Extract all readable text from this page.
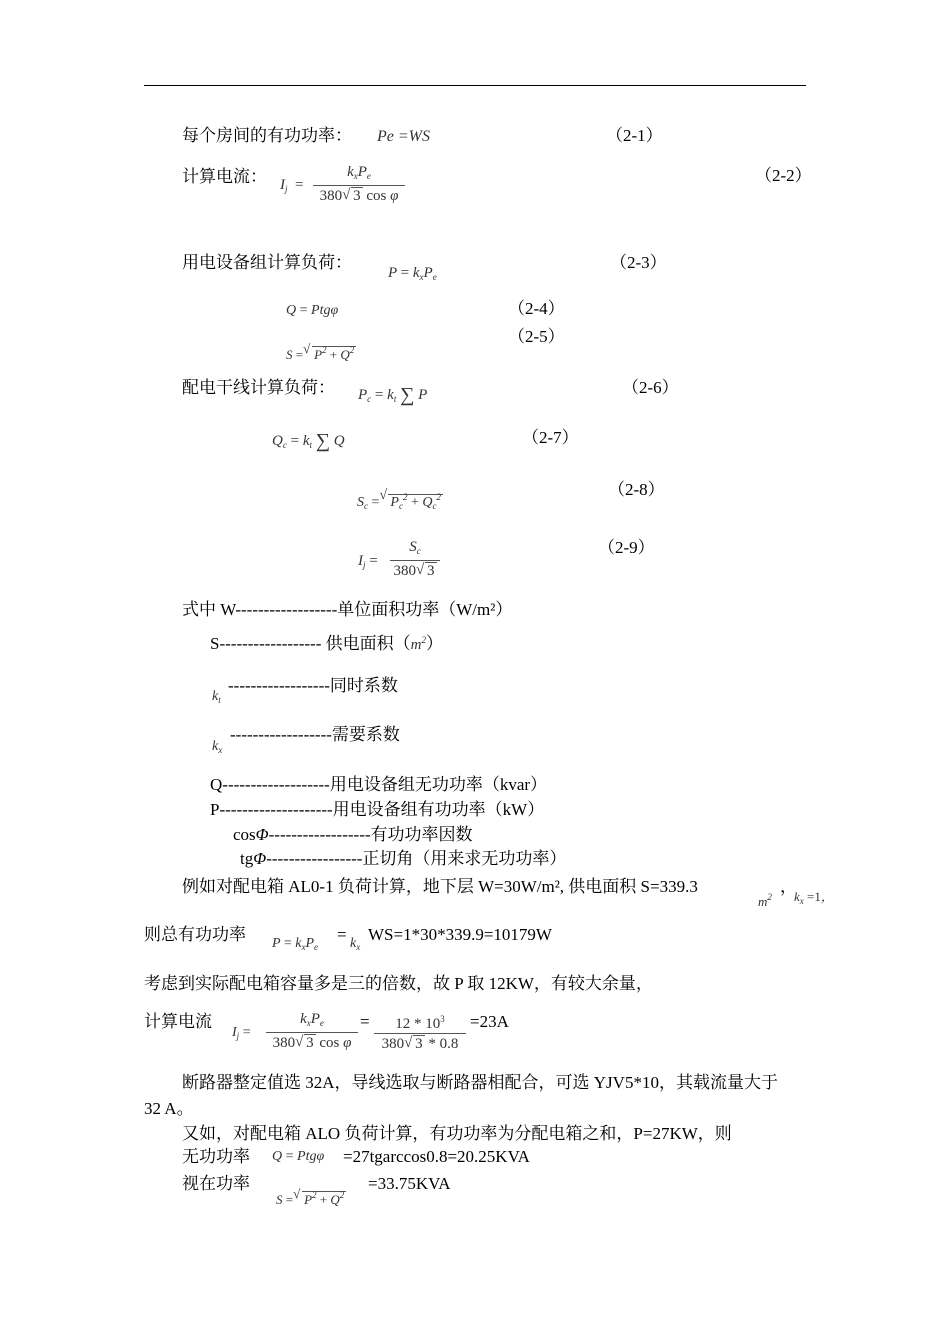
每个房间的有功功率： Pe =WS	（2-1）
计算电流： $I_j$  =
$k_xP_e$
380 √ 3 cos φ
（2-2）
用电设备组计算负荷：
$P = k_xP_e$
（2-3）
Q = Ptgφ	（2-4）
S = √ $P^2 + Q^2$
（2-5）
配电干线计算负荷： $P_c = k_t$ ∑ P	（2-6）
$Q_c = k_t$ ∑ Q	（2-7）
$S_c$ = √ $P_c^2 + Q_c^2$	（2-8）
$I_j$ =
$S_c$
380 √ 3
（2-9）
式中 W------------------单位面积功率（W/m²）
S------------------ 供电面积$(m^2)$
$k_t$
------------------同时系数
$k_x$
------------------需要系数
Q-------------------用电设备组无功功率（kvar）
P--------------------用电设备组有功功率（kW）
cosΦ------------------有功功率因数
tgΦ-----------------正切角（用来求无功功率）
例如对配电箱 AL0-1 负荷计算，地下层 W=30W/m², 供电面积 S=339.3
$m^2$
，
$k_x =1$，
则总有功功率 $P = k_xP_e$
= $k_x$
WS=1*30*339.9=10179W
考虑到实际配电箱容量多是三的倍数，故 P 取 12KW，有较大余量，
计算电流
$I_j$ =
$k_xP_e$
380 √ 3 cos φ
=	$12 * 10^3$
380 √ 3 * 0.8
=23A
断路器整定值选 32A，导线选取与断路器相配合，可选 YJV5*10，其载流量大于
32 A。
又如，对配电箱 ALO 负荷计算，有功功率为分配电箱之和，P=27KW，则
无功功率 Q = Ptgφ =27tgarccos0.8=20.25KVA
视在功率
S = √ $P^2 + Q^2$
=33.75KVA
